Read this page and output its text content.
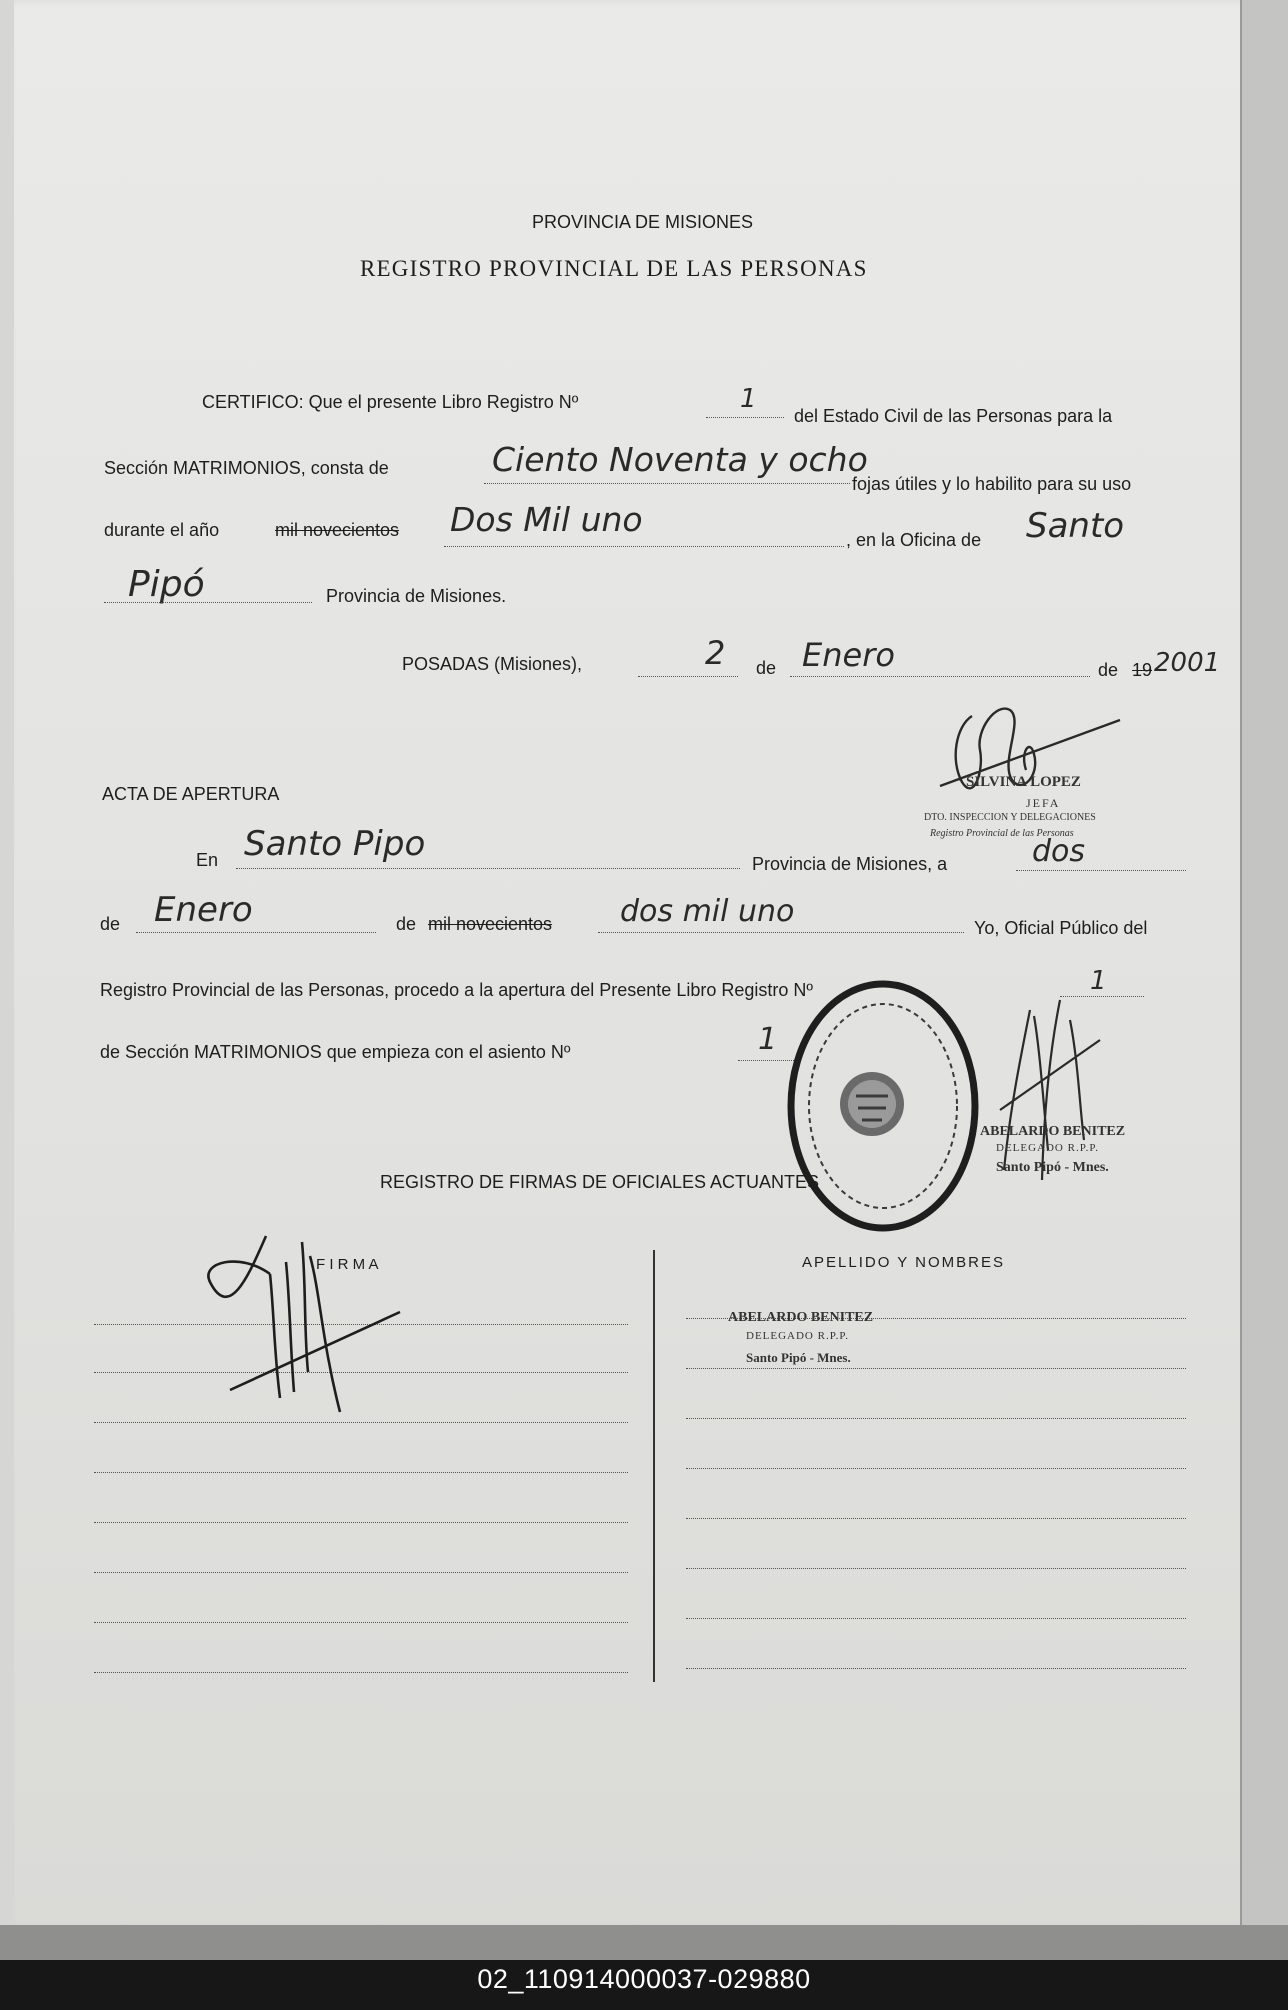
PROVINCIA DE MISIONES
REGISTRO PROVINCIAL DE LAS PERSONAS
CERTIFICO: Que el presente Libro Registro Nº	1
del Estado Civil de las Personas para la
Sección MATRIMONIOS, consta de	Ciento Noventa y ocho
fojas útiles y lo habilito para su uso
durante el año	mil novecientos Dos Mil uno
, en la Oficina de Santo
Pipó	Provincia de Misiones.
POSADAS (Misiones),	2 de Enero	de 19 2001
SILVINA LOPEZ
JEFA
DTO. INSPECCION Y DELEGACIONES
Registro Provincial de las Personas
ACTA DE APERTURA
En Santo Pipo	Provincia de Misiones, a	dos
de Enero	de mil novecientos dos mil uno	Yo, Oficial Público del
Registro Provincial de las Personas, procedo a la apertura del Presente Libro Registro Nº	1
de Sección MATRIMONIOS que empieza con el asiento Nº	1
ABELARDO BENITEZ
DELEGADO R.P.P.
Santo Pipó - Mnes.
REGISTRO DE FIRMAS DE OFICIALES ACTUANTES
F I R M A	APELLIDO Y NOMBRES
ABELARDO BENITEZ
DELEGADO R.P.P.
Santo Pipó - Mnes.
02_110914000037-029880
